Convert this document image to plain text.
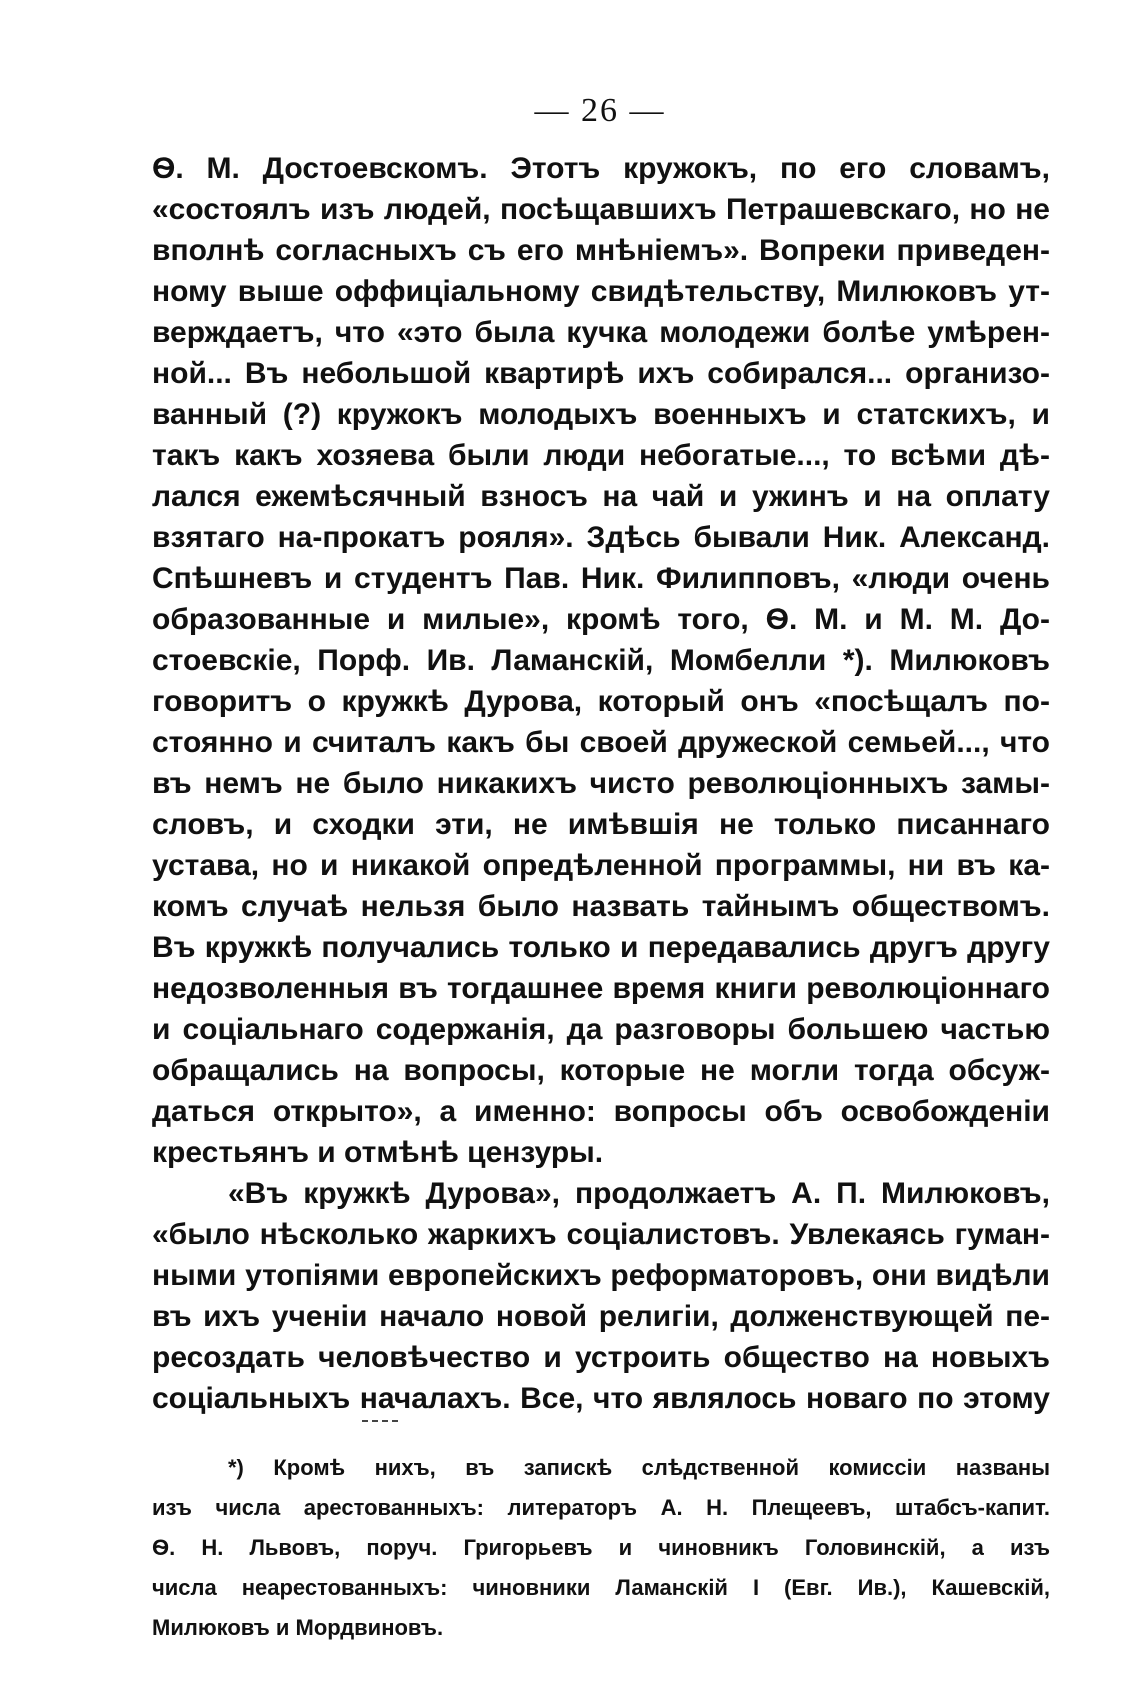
— 26 —
Ѳ. М. Достоевскомъ. Этотъ кружокъ, по его словамъ,
«состоялъ изъ людей, посѣщавшихъ Петрашевскаго, но не
вполнѣ согласныхъ съ его мнѣніемъ». Вопреки приведен-
ному выше оффиціальному свидѣтельству, Милюковъ ут-
верждаетъ, что «это была кучка молодежи болѣе умѣрен-
ной... Въ небольшой квартирѣ ихъ собирался... организо-
ванный (?) кружокъ молодыхъ военныхъ и статскихъ, и
такъ какъ хозяева были люди небогатые..., то всѣми дѣ-
лался ежемѣсячный взносъ на чай и ужинъ и на оплату
взятаго на-прокатъ рояля». Здѣсь бывали Ник. Александ.
Спѣшневъ и студентъ Пав. Ник. Филипповъ, «люди очень
образованные и милые», кромѣ того, Ѳ. М. и М. М. До-
стоевскіе, Порф. Ив. Ламанскій, Момбелли *). Милюковъ
говоритъ о кружкѣ Дурова, который онъ «посѣщалъ по-
стоянно и считалъ какъ бы своей дружеской семьей..., что
въ немъ не было никакихъ чисто революціонныхъ замы-
словъ, и сходки эти, не имѣвшія не только писаннаго
устава, но и никакой опредѣленной программы, ни въ ка-
комъ случаѣ нельзя было назвать тайнымъ обществомъ.
Въ кружкѣ получались только и передавались другъ другу
недозволенныя въ тогдашнее время книги революціоннаго
и соціальнаго содержанія, да разговоры большею частью
обращались на вопросы, которые не могли тогда обсуж-
даться открыто», а именно: вопросы объ освобожденіи
крестьянъ и отмѣнѣ цензуры.
«Въ кружкѣ Дурова», продолжаетъ А. П. Милюковъ,
«было нѣсколько жаркихъ соціалистовъ. Увлекаясь гуман-
ными утопіями европейскихъ реформаторовъ, они видѣли
въ ихъ ученіи начало новой религіи, долженствующей пе-
ресоздать человѣчество и устроить общество на новыхъ
соціальныхъ началахъ. Все, что являлось новаго по этому
*) Кромѣ нихъ, въ запискѣ слѣдственной комиссіи названы
изъ числа арестованныхъ: литераторъ А. Н. Плещеевъ, штабсъ-капит.
Ѳ. Н. Львовъ, поруч. Григорьевъ и чиновникъ Головинскій, а изъ
числа неарестованныхъ: чиновники Ламанскій I (Евг. Ив.), Кашевскій,
Милюковъ и Мордвиновъ.
